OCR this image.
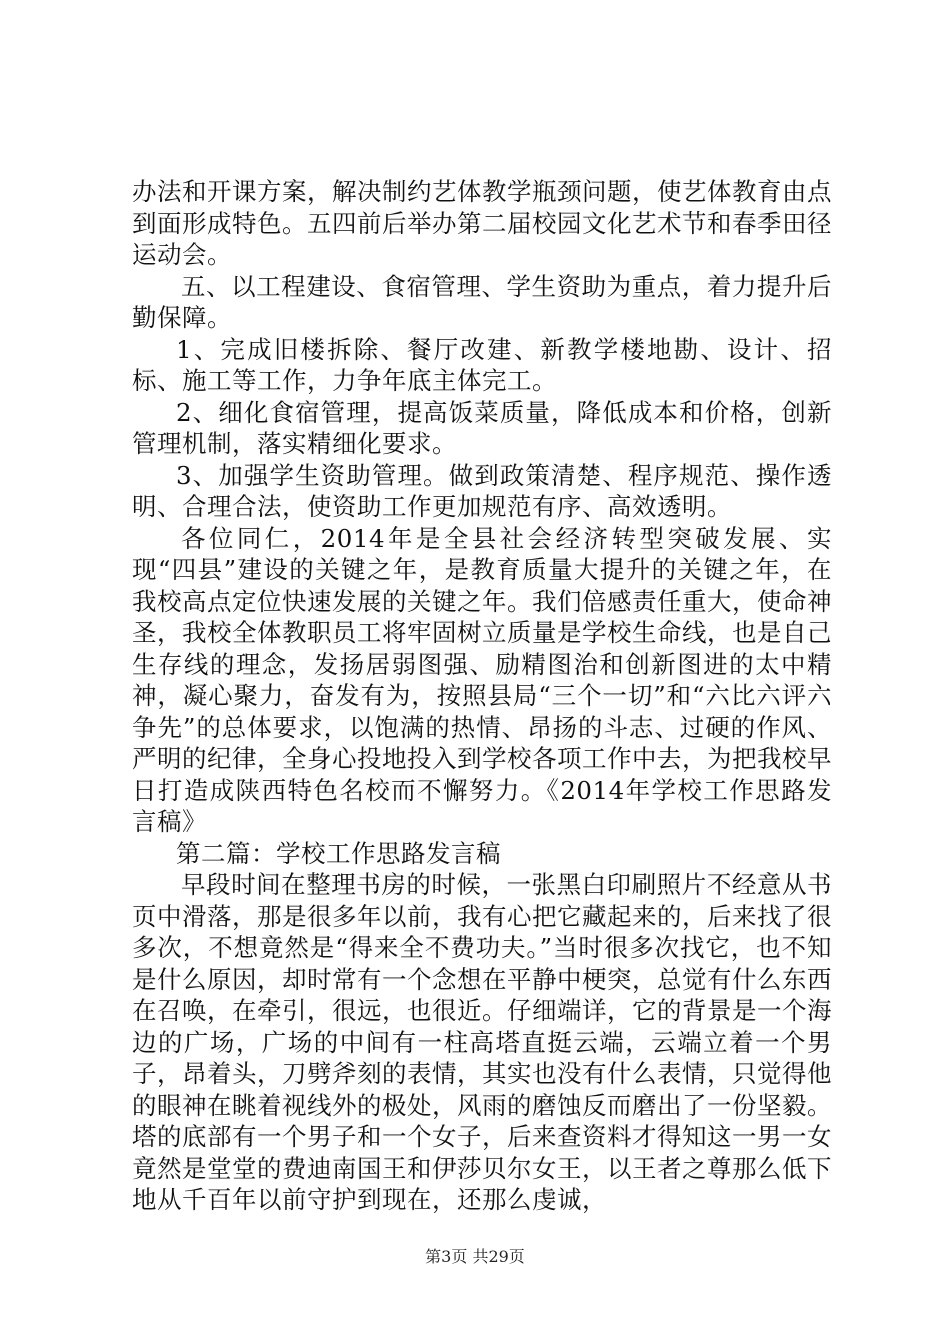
办法和开课方案，解决制约艺体教学瓶颈问题，使艺体教育由点到面形成特色。五四前后举办第二届校园文化艺术节和春季田径运动会。

五、以工程建设、食宿管理、学生资助为重点，着力提升后勤保障。

1、完成旧楼拆除、餐厅改建、新教学楼地勘、设计、招标、施工等工作，力争年底主体完工。

2、细化食宿管理，提高饭菜质量，降低成本和价格，创新管理机制，落实精细化要求。

3、加强学生资助管理。做到政策清楚、程序规范、操作透明、合理合法，使资助工作更加规范有序、高效透明。

各位同仁，2014年是全县社会经济转型突破发展、实现“四县”建设的关键之年，是教育质量大提升的关键之年，在我校高点定位快速发展的关键之年。我们倍感责任重大，使命神圣，我校全体教职员工将牢固树立质量是学校生命线，也是自己生存线的理念，发扬居弱图强、励精图治和创新图进的太中精神，凝心聚力，奋发有为，按照县局“三个一切”和“六比六评六争先”的总体要求，以饱满的热情、昂扬的斗志、过硬的作风、严明的纪律，全身心投地投入到学校各项工作中去，为把我校早日打造成陕西特色名校而不懈努力。《2014年学校工作思路发言稿》

第二篇：学校工作思路发言稿

早段时间在整理书房的时候，一张黑白印刷照片不经意从书页中滑落，那是很多年以前，我有心把它藏起来的，后来找了很多次，不想竟然是“得来全不费功夫。”当时很多次找它，也不知是什么原因，却时常有一个念想在平静中梗突，总觉有什么东西在召唤，在牵引，很远，也很近。仔细端详，它的背景是一个海边的广场，广场的中间有一柱高塔直挺云端，云端立着一个男子，昂着头，刀劈斧刻的表情，其实也没有什么表情，只觉得他的眼神在眺着视线外的极处，风雨的磨蚀反而磨出了一份坚毅。塔的底部有一个男子和一个女子，后来查资料才得知这一男一女竟然是堂堂的费迪南国王和伊莎贝尔女王，以王者之尊那么低下地从千百年以前守护到现在，还那么虔诚，

第3页 共29页
